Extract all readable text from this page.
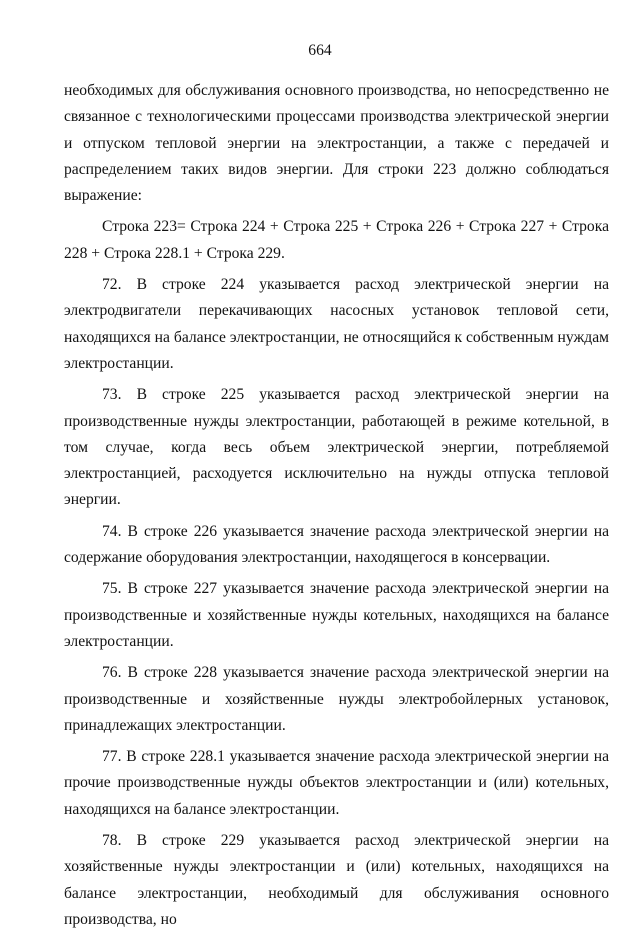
664

необходимых для обслуживания основного производства, но непосредственно не связанное с технологическими процессами производства электрической энергии и отпуском тепловой энергии на электростанции, а также с передачей и распределением таких видов энергии. Для строки 223 должно соблюдаться выражение:

Строка 223= Строка 224 + Строка 225 + Строка 226 + Строка 227 + Строка 228 + Строка 228.1 + Строка 229.

72. В строке 224 указывается расход электрической энергии на электродвигатели перекачивающих насосных установок тепловой сети, находящихся на балансе электростанции, не относящийся к собственным нуждам электростанции.

73. В строке 225 указывается расход электрической энергии на производственные нужды электростанции, работающей в режиме котельной, в том случае, когда весь объем электрической энергии, потребляемой электростанцией, расходуется исключительно на нужды отпуска тепловой энергии.

74. В строке 226 указывается значение расхода электрической энергии на содержание оборудования электростанции, находящегося в консервации.

75. В строке 227 указывается значение расхода электрической энергии на производственные и хозяйственные нужды котельных, находящихся на балансе электростанции.

76. В строке 228 указывается значение расхода электрической энергии на производственные и хозяйственные нужды электробойлерных установок, принадлежащих электростанции.

77. В строке 228.1 указывается значение расхода электрической энергии на прочие производственные нужды объектов электростанции и (или) котельных, находящихся на балансе электростанции.

78. В строке 229 указывается расход электрической энергии на хозяйственные нужды электростанции и (или) котельных, находящихся на балансе электростанции, необходимый для обслуживания основного производства, но
